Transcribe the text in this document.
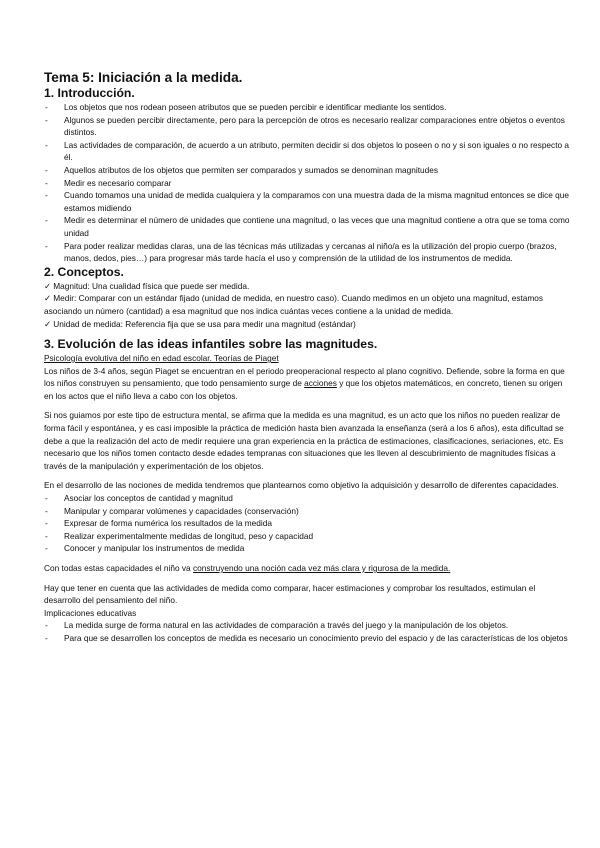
Tema 5: Iniciación a la medida.

1. Introducción.

- Los objetos que nos rodean poseen atributos que se pueden percibir e identificar mediante los sentidos.
- Algunos se pueden percibir directamente, pero para la percepción de otros es necesario realizar comparaciones entre objetos o eventos distintos.
- Las actividades de comparación, de acuerdo a un atributo, permiten decidir si dos objetos lo poseen o no y si son iguales o no respecto a él.
- Aquellos atributos de los objetos que permiten ser comparados y sumados se denominan magnitudes
- Medir es necesario comparar
- Cuando tomamos una unidad de medida cualquiera y la comparamos con una muestra dada de la misma magnitud entonces se dice que estamos midiendo
- Medir es determinar el número de unidades que contiene una magnitud, o las veces que una magnitud contiene a otra que se toma como unidad
- Para poder realizar medidas claras, una de las técnicas más utilizadas y cercanas al niño/a es la utilización del propio cuerpo (brazos, manos, dedos, pies…) para progresar más tarde hacía el uso y comprensión de la utilidad de los instrumentos de medida.

2. Conceptos.

✓ Magnitud: Una cualidad física que puede ser medida.

✓ Medir: Comparar con un estándar fijado (unidad de medida, en nuestro caso). Cuando medimos en un objeto una magnitud, estamos asociando un número (cantidad) a esa magnitud que nos indica cuántas veces contiene a la unidad de medida.

✓ Unidad de medida: Referencia fija que se usa para medir una magnitud (estándar)

3. Evolución de las ideas infantiles sobre las magnitudes.

Psicología evolutiva del niño en edad escolar. Teorías de Piaget

Los niños de 3-4 años, según Piaget se encuentran en el periodo preoperacional respecto al plano cognitivo. Defiende, sobre la forma en que los niños construyen su pensamiento, que todo pensamiento surge de acciones y que los objetos matemáticos, en concreto, tienen su origen en los actos que el niño lleva a cabo con los objetos.

Si nos guiamos por este tipo de estructura mental, se afirma que la medida es una magnitud, es un acto que los niños no pueden realizar de forma fácil y espontánea, y es casi imposible la práctica de medición hasta bien avanzada la enseñanza (será a los 6 años), esta dificultad se debe a que la realización del acto de medir requiere una gran experiencia en la práctica de estimaciones, clasificaciones, seriaciones, etc. Es necesario que los niños tomen contacto desde edades tempranas con situaciones que les lleven al descubrimiento de magnitudes físicas a través de la manipulación y experimentación de los objetos.

En el desarrollo de las nociones de medida tendremos que plantearnos como objetivo la adquisición y desarrollo de diferentes capacidades.

- Asociar los conceptos de cantidad y magnitud
- Manipular y comparar volúmenes y capacidades (conservación)
- Expresar de forma numérica los resultados de la medida
- Realizar experimentalmente medidas de longitud, peso y capacidad
- Conocer y manipular los instrumentos de medida

Con todas estas capacidades el niño va construyendo una noción cada vez más clara y rigurosa de la medida.

Hay que tener en cuenta que las actividades de medida como comparar, hacer estimaciones y comprobar los resultados, estimulan el desarrollo del pensamiento del niño.

Implicaciones educativas

- La medida surge de forma natural en las actividades de comparación a través del juego y la manipulación de los objetos.
- Para que se desarrollen los conceptos de medida es necesario un conocimiento previo del espacio y de las características de los objetos
